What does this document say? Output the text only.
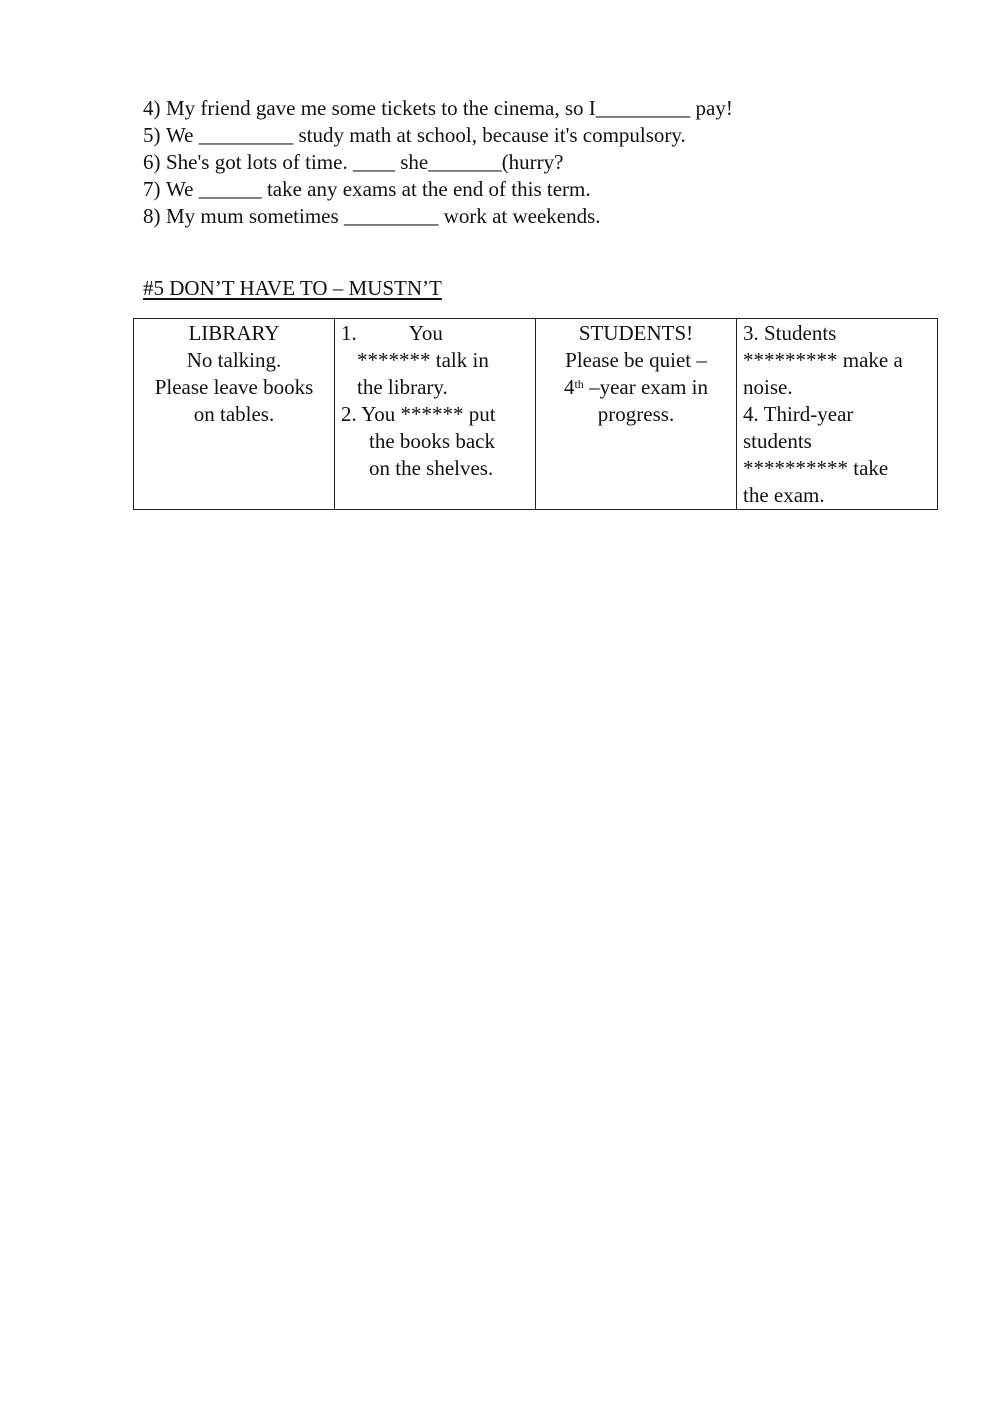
4) My friend gave me some tickets to the cinema, so I_________ pay!
5) We _________ study math at school, because it's compulsory.
6) She's got lots of time. ____ she_______(hurry?
7) We ______ take any exams at the end of this term.
8) My mum sometimes _________ work at weekends.
#5 DON’T HAVE TO – MUSTN’T
LIBRARY
No talking.
Please leave books
on tables.

1. You
******* talk in
the library.
2. You ****** put
the books back
on the shelves.

STUDENTS!
Please be quiet –
4th –year exam in
progress.

3. Students
********* make a
noise.
4. Third-year
students
********** take
the exam.
